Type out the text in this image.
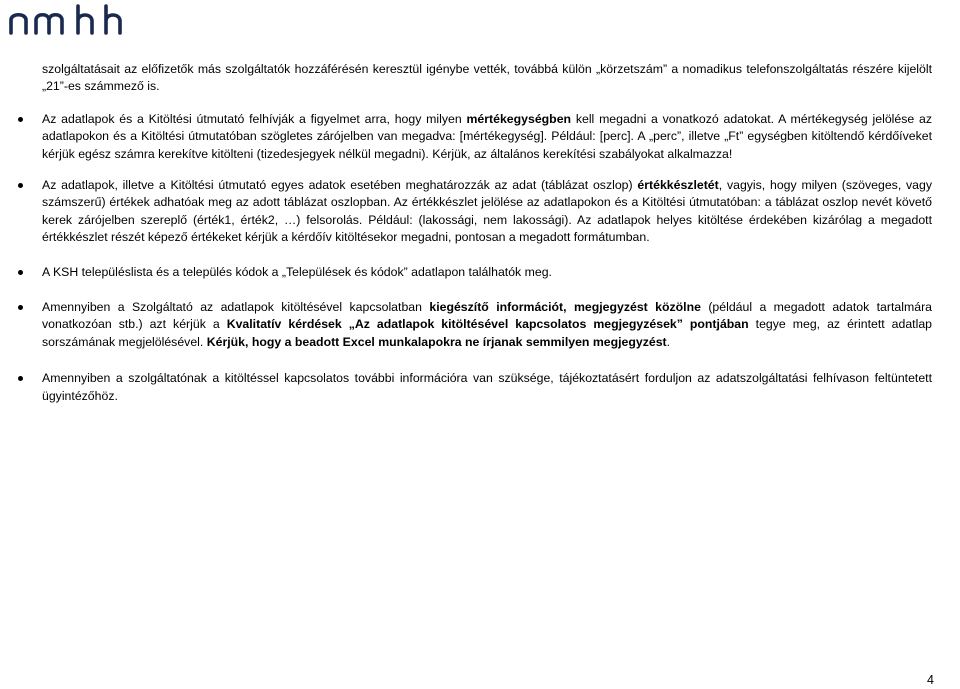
szolgáltatásait az előfizetők más szolgáltatók hozzáférésén keresztül igénybe vették, továbbá külön „körzetszám” a nomadikus telefonszolgáltatás részére kijelölt „21”-es számmező is.

Az adatlapok és a Kitöltési útmutató felhívják a figyelmet arra, hogy milyen mértékegységben kell megadni a vonatkozó adatokat. A mértékegység jelölése az adatlapokon és a Kitöltési útmutatóban szögletes zárójelben van megadva: [mértékegység]. Például: [perc]. A „perc”, illetve „Ft” egységben kitöltendő kérdőíveket kérjük egész számra kerekítve kitölteni (tizedesjegyek nélkül megadni). Kérjük, az általános kerekítési szabályokat alkalmazza!

Az adatlapok, illetve a Kitöltési útmutató egyes adatok esetében meghatározzák az adat (táblázat oszlop) értékkészletét, vagyis, hogy milyen (szöveges, vagy számszerű) értékek adhatóak meg az adott táblázat oszlopban. Az értékkészlet jelölése az adatlapokon és a Kitöltési útmutatóban: a táblázat oszlop nevét követő kerek zárójelben szereplő (érték1, érték2, …) felsorolás. Például: (lakossági, nem lakossági). Az adatlapok helyes kitöltése érdekében kizárólag a megadott értékkészlet részét képező értékeket kérjük a kérdőív kitöltésekor megadni, pontosan a megadott formátumban.

A KSH településlista és a település kódok a „Települések és kódok” adatlapon találhatók meg.

Amennyiben a Szolgáltató az adatlapok kitöltésével kapcsolatban kiegészítő információt, megjegyzést közölne (például a megadott adatok tartalmára vonatkozóan stb.) azt kérjük a Kvalitatív kérdések „Az adatlapok kitöltésével kapcsolatos megjegyzések” pontjában tegye meg, az érintett adatlap sorszámának megjelölésével. Kérjük, hogy a beadott Excel munkalapokra ne írjanak semmilyen megjegyzést.

Amennyiben a szolgáltatónak a kitöltéssel kapcsolatos további információra van szüksége, tájékoztatásért forduljon az adatszolgáltatási felhívason feltüntetett ügyintézőhöz.

4
